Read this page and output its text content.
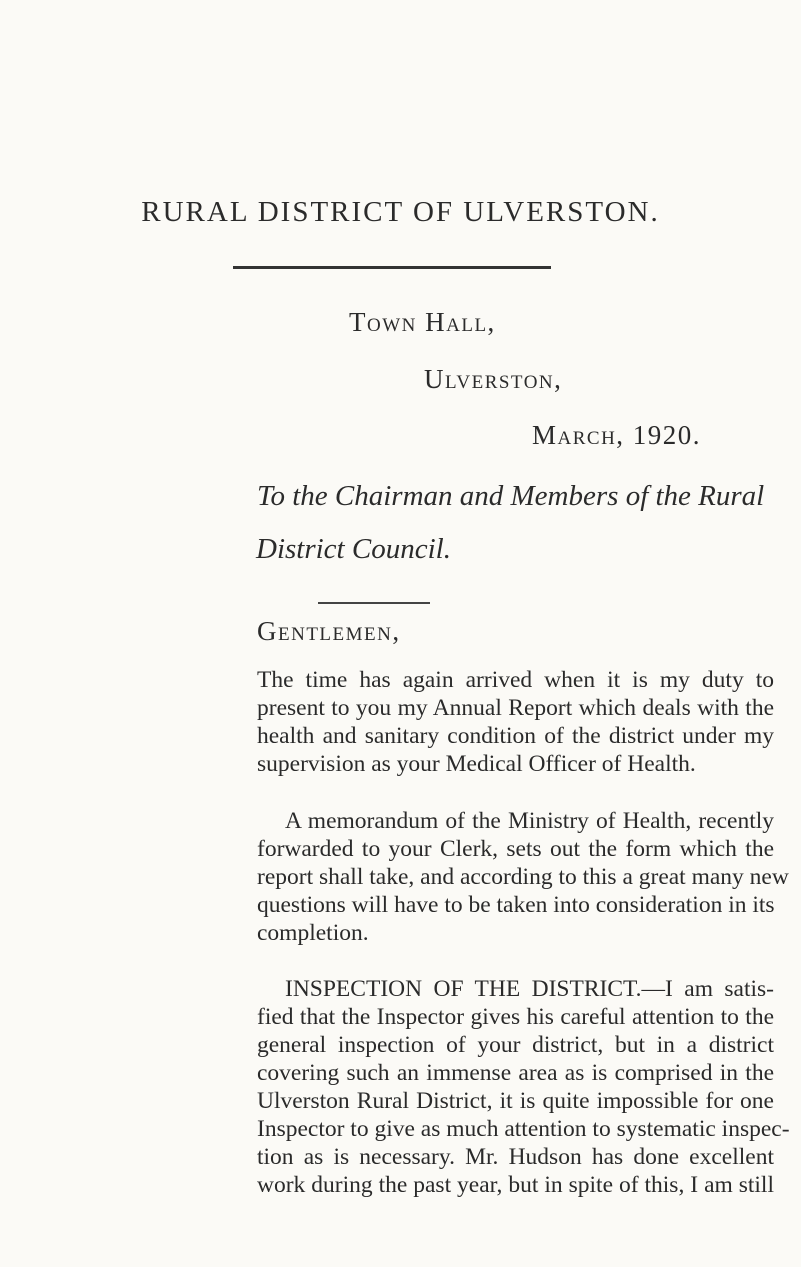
RURAL DISTRICT OF ULVERSTON.
Town Hall,
Ulverston,
March, 1920.
To the Chairman and Members of the Rural
District Council.
Gentlemen,
The time has again arrived when it is my duty to
present to you my Annual Report which deals with the
health and sanitary condition of the district under my
supervision as your Medical Officer of Health.
A memorandum of the Ministry of Health, recently
forwarded to your Clerk, sets out the form which the
report shall take, and according to this a great many new
questions will have to be taken into consideration in its
completion.
INSPECTION OF THE DISTRICT.—I am satis-
fied that the Inspector gives his careful attention to the
general inspection of your district, but in a district
covering such an immense area as is comprised in the
Ulverston Rural District, it is quite impossible for one
Inspector to give as much attention to systematic inspec-
tion as is necessary. Mr. Hudson has done excellent
work during the past year, but in spite of this, I am still
